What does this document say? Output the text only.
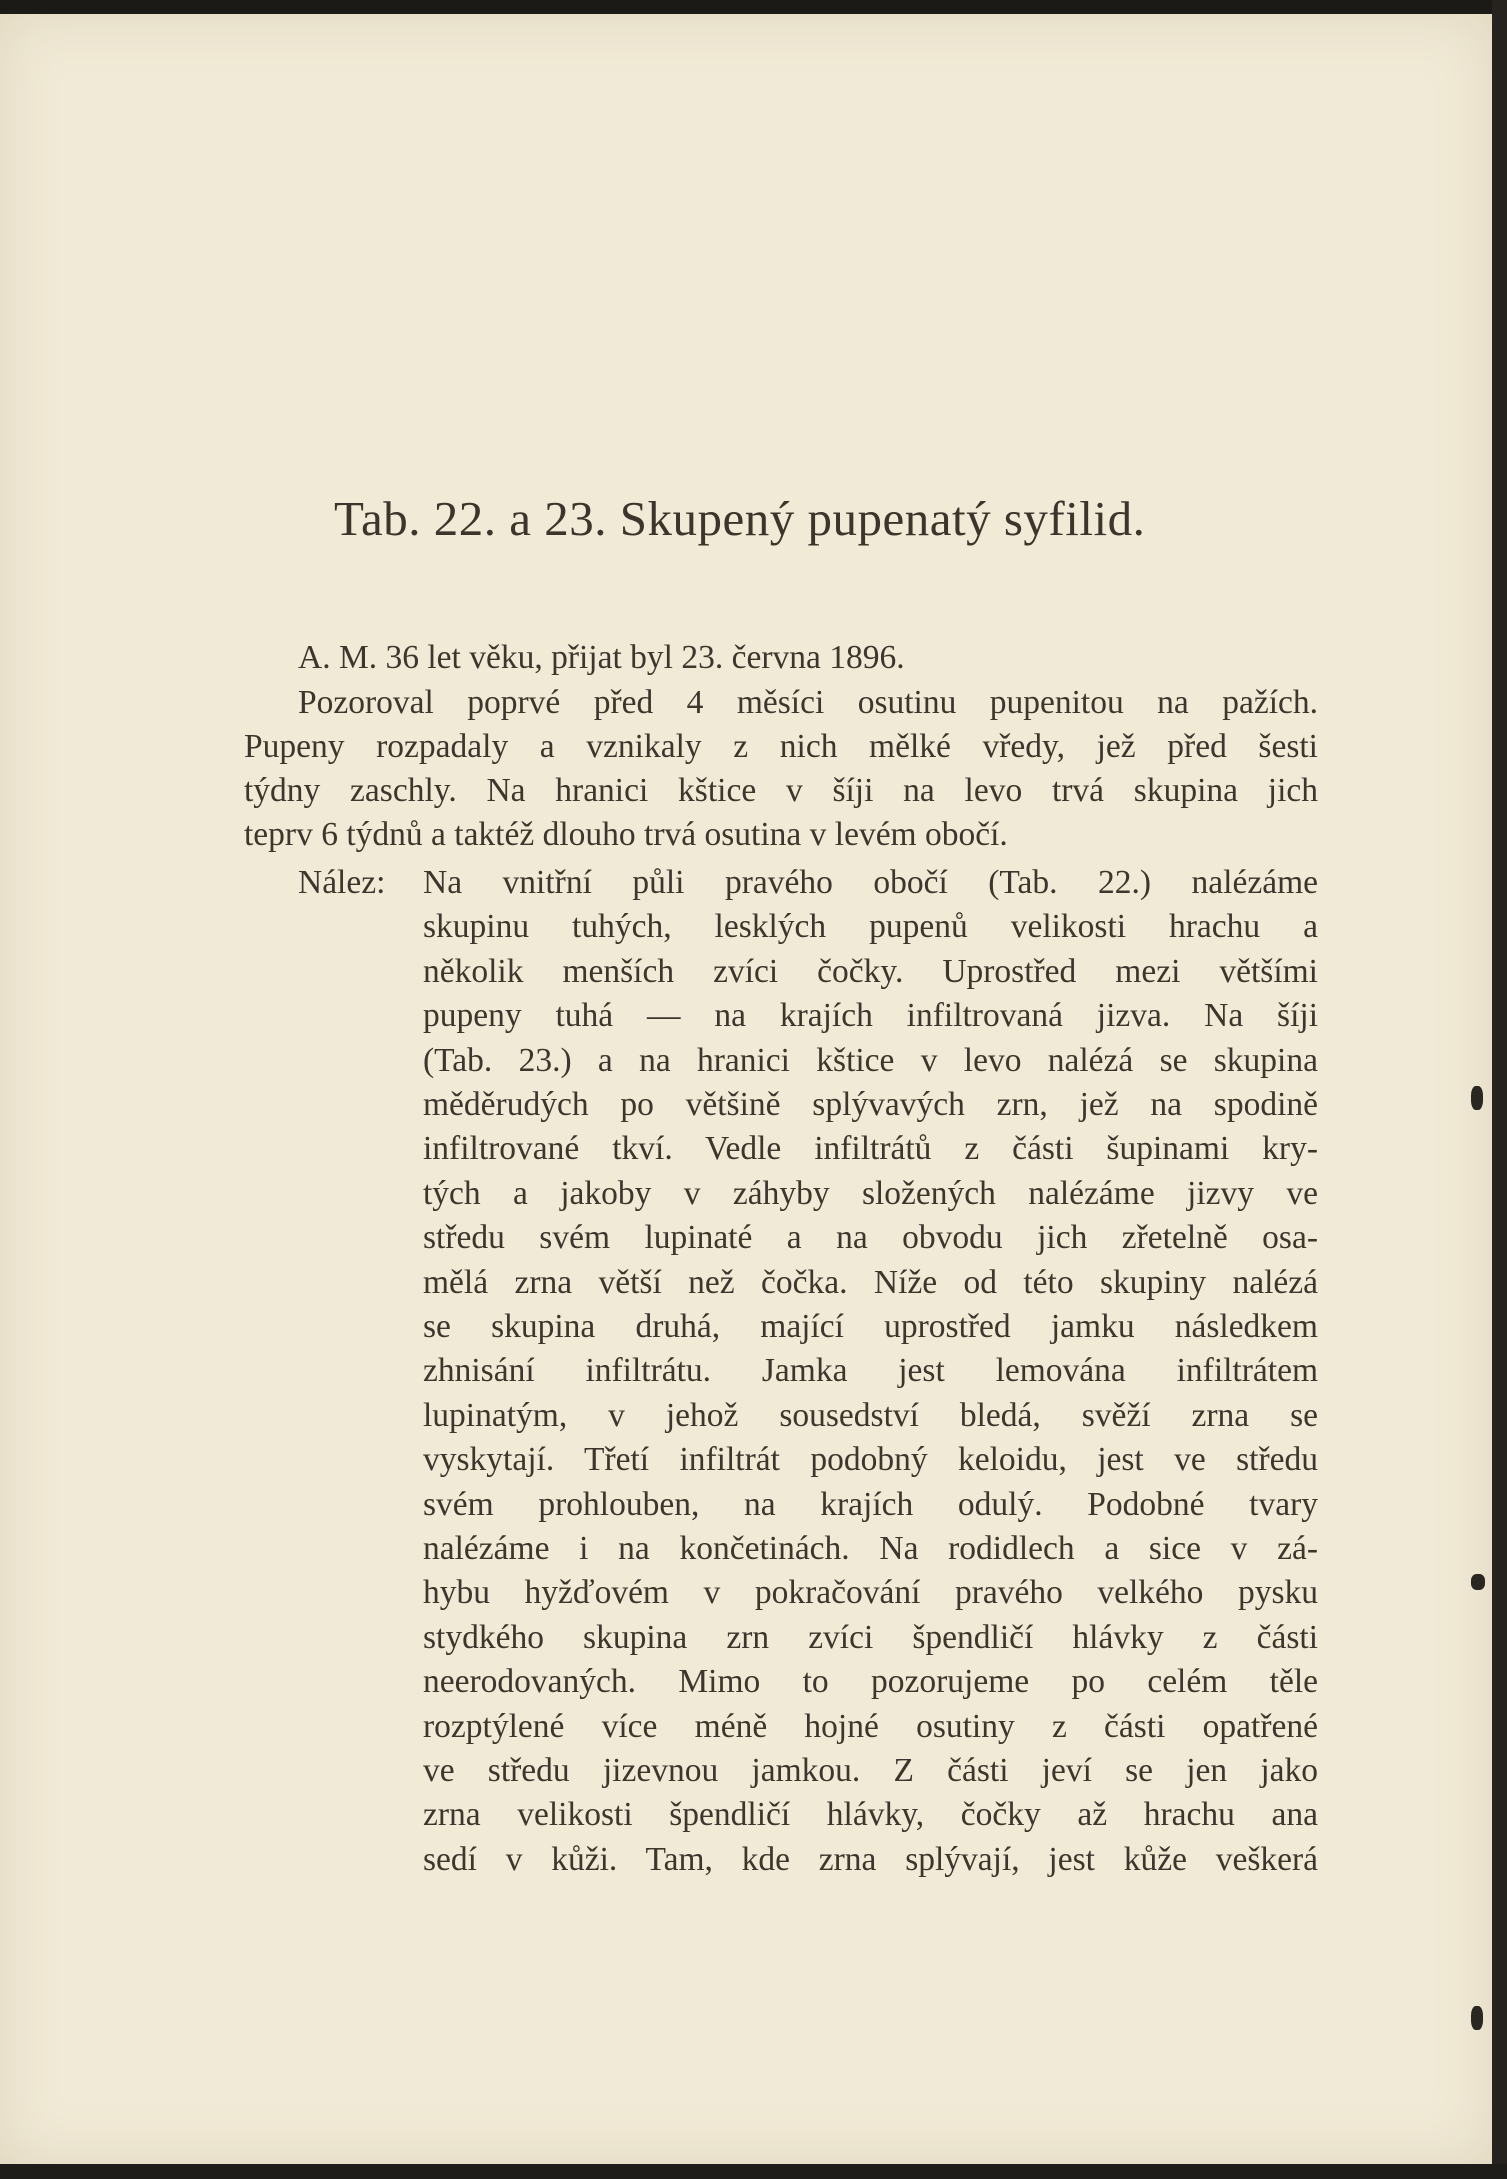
Tab. 22. a 23. Skupený pupenatý syfilid.
A. M. 36 let věku, přijat byl 23. června 1896.
Pozoroval poprvé před 4 měsíci osutinu pupenitou na pažích.
Pupeny rozpadaly a vznikaly z nich mělké vředy, jež před šesti
týdny zaschly. Na hranici kštice v šíji na levo trvá skupina jich
teprv 6 týdnů a taktéž dlouho trvá osutina v levém obočí.
Nález:	Na vnitřní půli pravého obočí (Tab. 22.) nalézáme
skupinu tuhých, lesklých pupenů velikosti hrachu a
několik menších zvíci čočky. Uprostřed mezi většími
pupeny tuhá — na krajích infiltrovaná jizva. Na šíji
(Tab. 23.) a na hranici kštice v levo nalézá se skupina
měděrudých po většině splývavých zrn, jež na spodině
infiltrované tkví. Vedle infiltrátů z části šupinami kry-
tých a jakoby v záhyby složených nalézáme jizvy ve
středu svém lupinaté a na obvodu jich zřetelně osa-
mělá zrna větší než čočka. Níže od této skupiny nalézá
se skupina druhá, mající uprostřed jamku následkem
zhnisání infiltrátu. Jamka jest lemována infiltrátem
lupinatým, v jehož sousedství bledá, svěží zrna se
vyskytají. Třetí infiltrát podobný keloidu, jest ve středu
svém prohlouben, na krajích odulý. Podobné tvary
nalézáme i na končetinách. Na rodidlech a sice v zá-
hybu hyžďovém v pokračování pravého velkého pysku
stydkého skupina zrn zvíci špendličí hlávky z části
neerodovaných. Mimo to pozorujeme po celém těle
rozptýlené více méně hojné osutiny z části opatřené
ve středu jizevnou jamkou. Z části jeví se jen jako
zrna velikosti špendličí hlávky, čočky až hrachu ana
sedí v kůži. Tam, kde zrna splývají, jest kůže veškerá
